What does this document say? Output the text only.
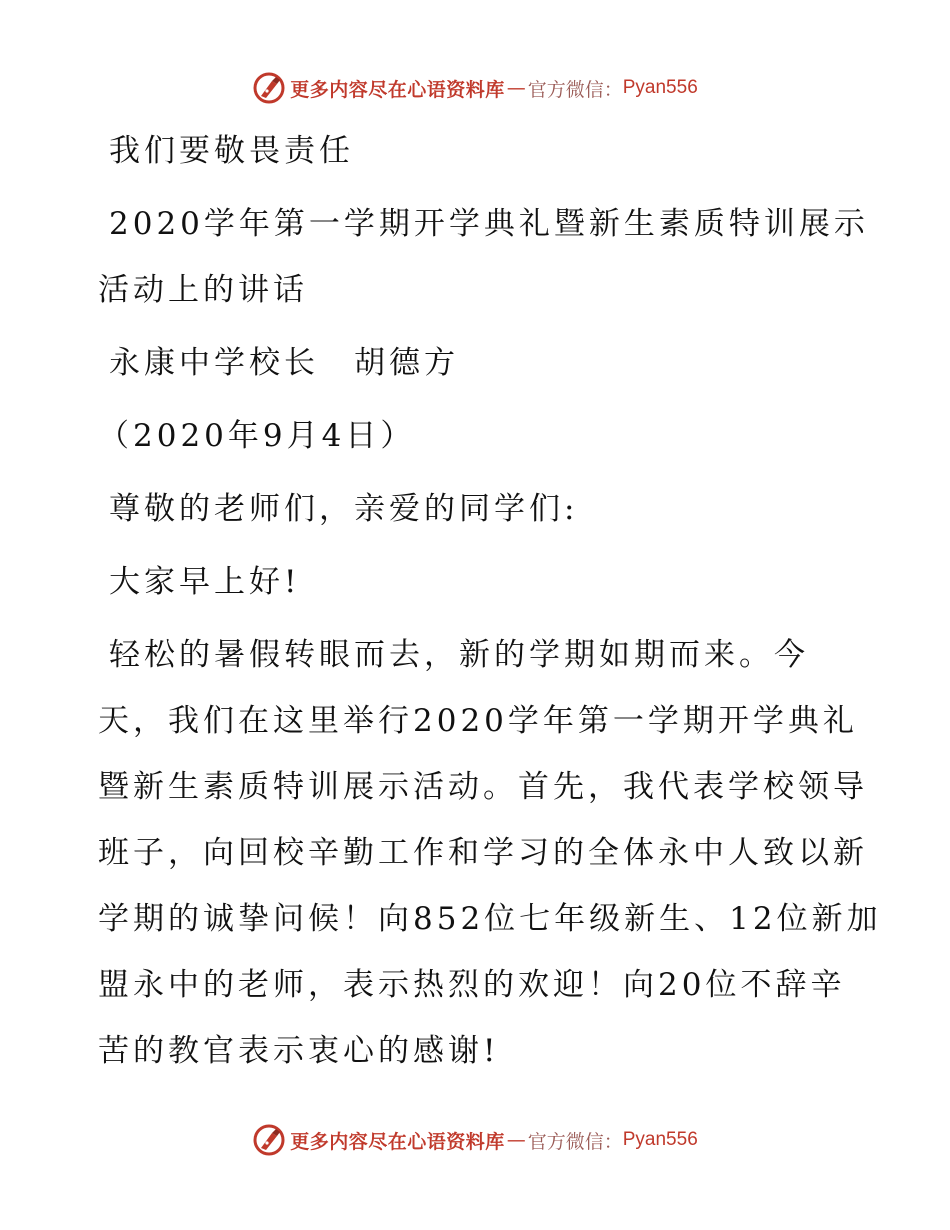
更多内容尽在心语资料库 — 官方微信： Pyan556

我们要敬畏责任

2020学年第一学期开学典礼暨新生素质特训展示

活动上的讲话

永康中学校长　胡德方

（2020年9月4日）

尊敬的老师们，亲爱的同学们:

大家早上好!

轻松的暑假转眼而去，新的学期如期而来。今

天，我们在这里举行2020学年第一学期开学典礼

暨新生素质特训展示活动。首先，我代表学校领导

班子，向回校辛勤工作和学习的全体永中人致以新

学期的诚挚问候！向852位七年级新生、12位新加

盟永中的老师，表示热烈的欢迎！向20位不辞辛

苦的教官表示衷心的感谢!

更多内容尽在心语资料库 — 官方微信： Pyan556
